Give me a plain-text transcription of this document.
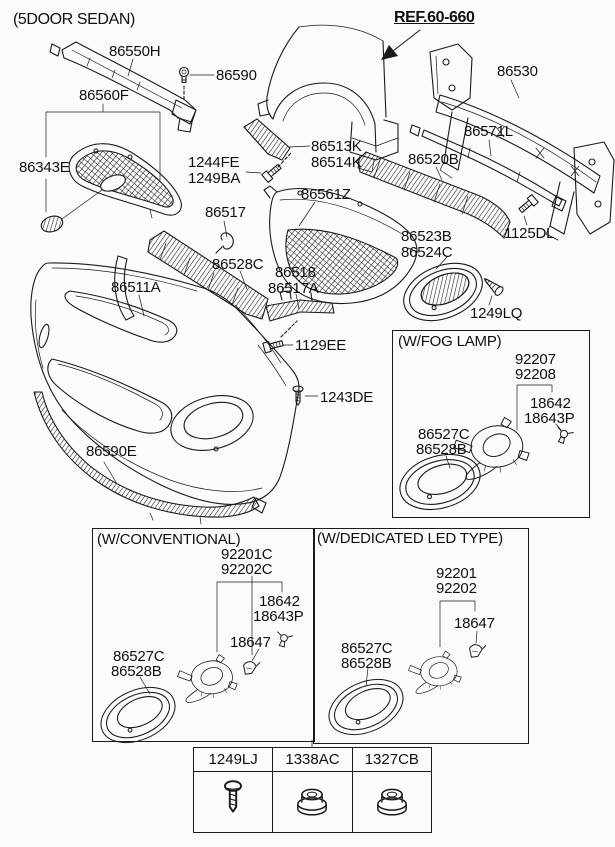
(5DOOR SEDAN)	REF.60-660
86550H
86590	86530
86560F
86571L
86513K
86514K
1244FE
1249BA
86520B
86343E
86561Z
86517
1125DL
86523B
86524C
86528C 86518
86517A
86511A
1249LQ
1129EE
1243DE
86590E
(W/FOG LAMP)
92207
92208
18642
18643P
86527C
86528B
(W/CONVENTIONAL)
92201C
92202C
18642
18643P
18647
86527C
86528B
(W/DEDICATED LED TYPE)
92201
92202
18647
86527C
86528B
1249LJ	1338AC	1327CB
